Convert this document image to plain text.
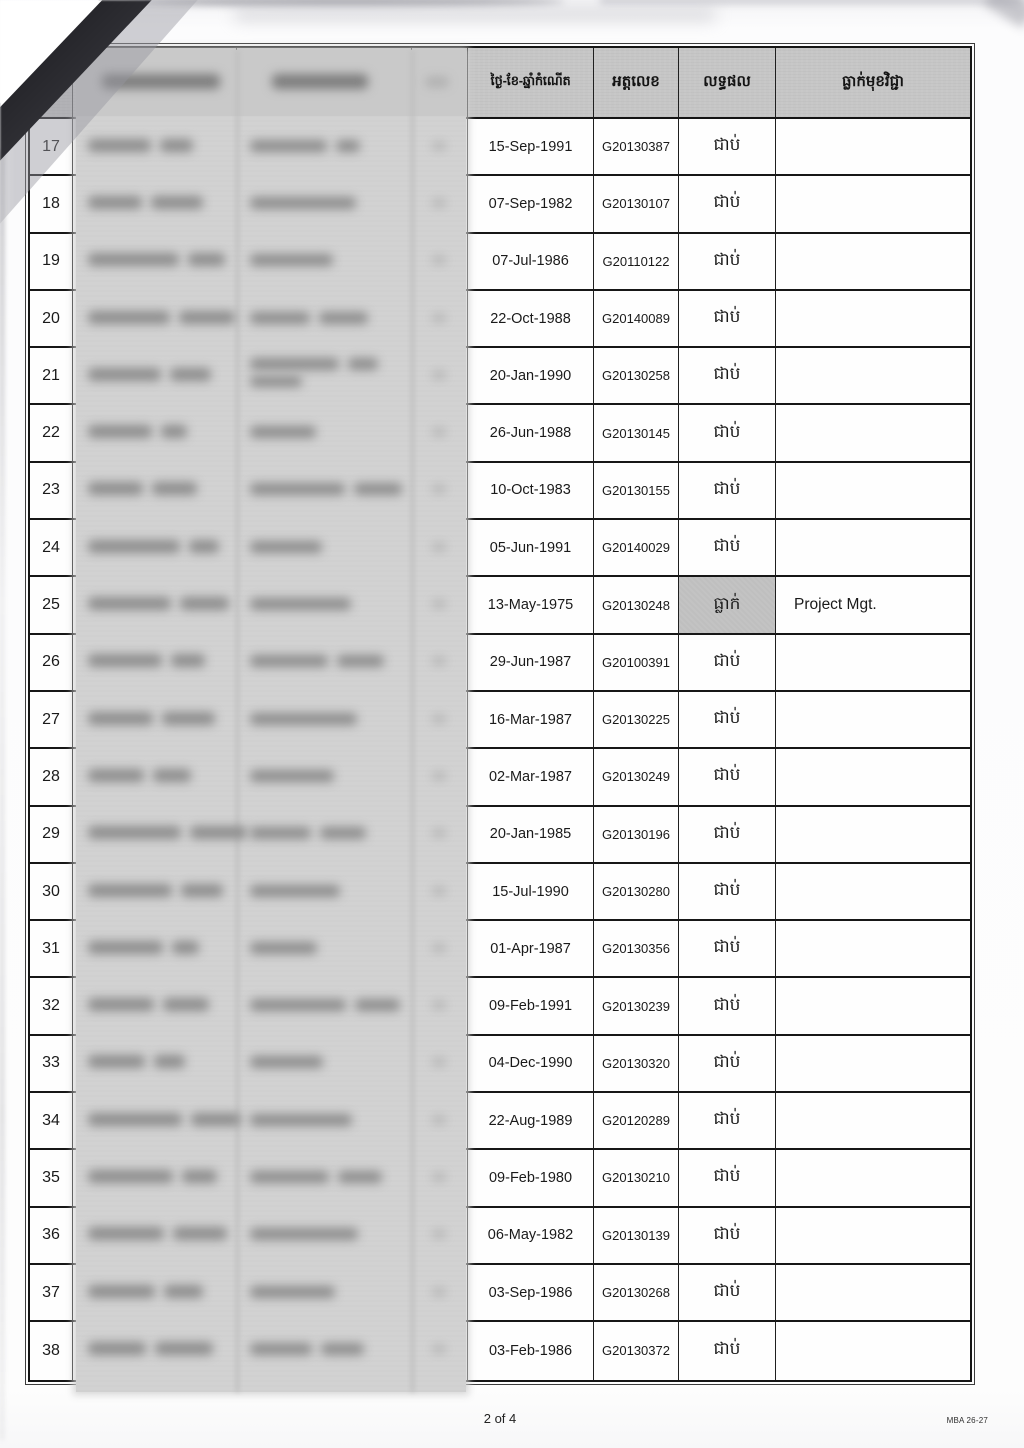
ថ្ងៃ-ខែ-ឆ្នាំកំណើត	អត្តលេខ	លទ្ធផល	ធ្លាក់មុខវិជ្ជា
17	15-Sep-1991	G20130387	ជាប់
18	07-Sep-1982	G20130107	ជាប់
19	07-Jul-1986	G20110122	ជាប់
20	22-Oct-1988	G20140089	ជាប់
21	20-Jan-1990	G20130258	ជាប់
22	26-Jun-1988	G20130145	ជាប់
23	10-Oct-1983	G20130155	ជាប់
24	05-Jun-1991	G20140029	ជាប់
25	13-May-1975	G20130248	ធ្លាក់	Project Mgt.
26	29-Jun-1987	G20100391	ជាប់
27	16-Mar-1987	G20130225	ជាប់
28	02-Mar-1987	G20130249	ជាប់
29	20-Jan-1985	G20130196	ជាប់
30	15-Jul-1990	G20130280	ជាប់
31	01-Apr-1987	G20130356	ជាប់
32	09-Feb-1991	G20130239	ជាប់
33	04-Dec-1990	G20130320	ជាប់
34	22-Aug-1989	G20120289	ជាប់
35	09-Feb-1980	G20130210	ជាប់
36	06-May-1982	G20130139	ជាប់
37	03-Sep-1986	G20130268	ជាប់
38	03-Feb-1986	G20130372	ជាប់
2 of 4	MBA 26-27
